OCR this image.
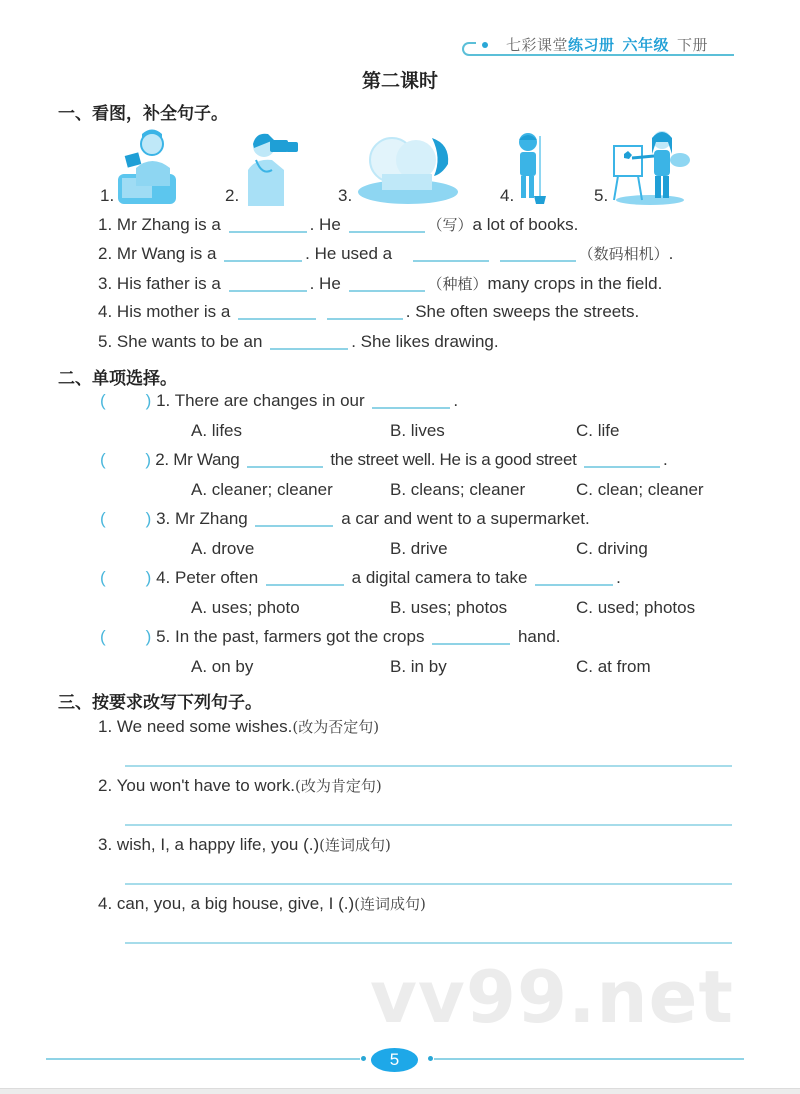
七彩课堂练习册 六年级 下册
第二课时
一、看图，补全句子。
1.	2.	3.	4.	5.
1. Mr Zhang is a	. He	（写）a lot of books.
2. Mr Wang is a	. He used a	（数码相机）.
3. His father is a	. He	（种植）many crops in the field.
4. His mother is a	. She often sweeps the streets.
5. She wants to be an	. She likes drawing.
二、单项选择。
( ) 1. There are changes in our	.
A. lifes	B. lives	C. life
( ) 2. Mr Wang	the street well. He is a good street	.
A. cleaner; cleaner	B. cleans; cleaner	C. clean; cleaner
( ) 3. Mr Zhang	a car and went to a supermarket.
A. drove	B. drive	C. driving
( ) 4. Peter often	a digital camera to take	.
A. uses; photo	B. uses; photos	C. used; photos
( ) 5. In the past, farmers got the crops	hand.
A. on by	B. in by	C. at from
三、按要求改写下列句子。
1. We need some wishes.(改为否定句)
2. You won't have to work.(改为肯定句)
3. wish, I, a happy life, you (.)(连词成句)
4. can, you, a big house, give, I (.)(连词成句)
vv99.net
5
